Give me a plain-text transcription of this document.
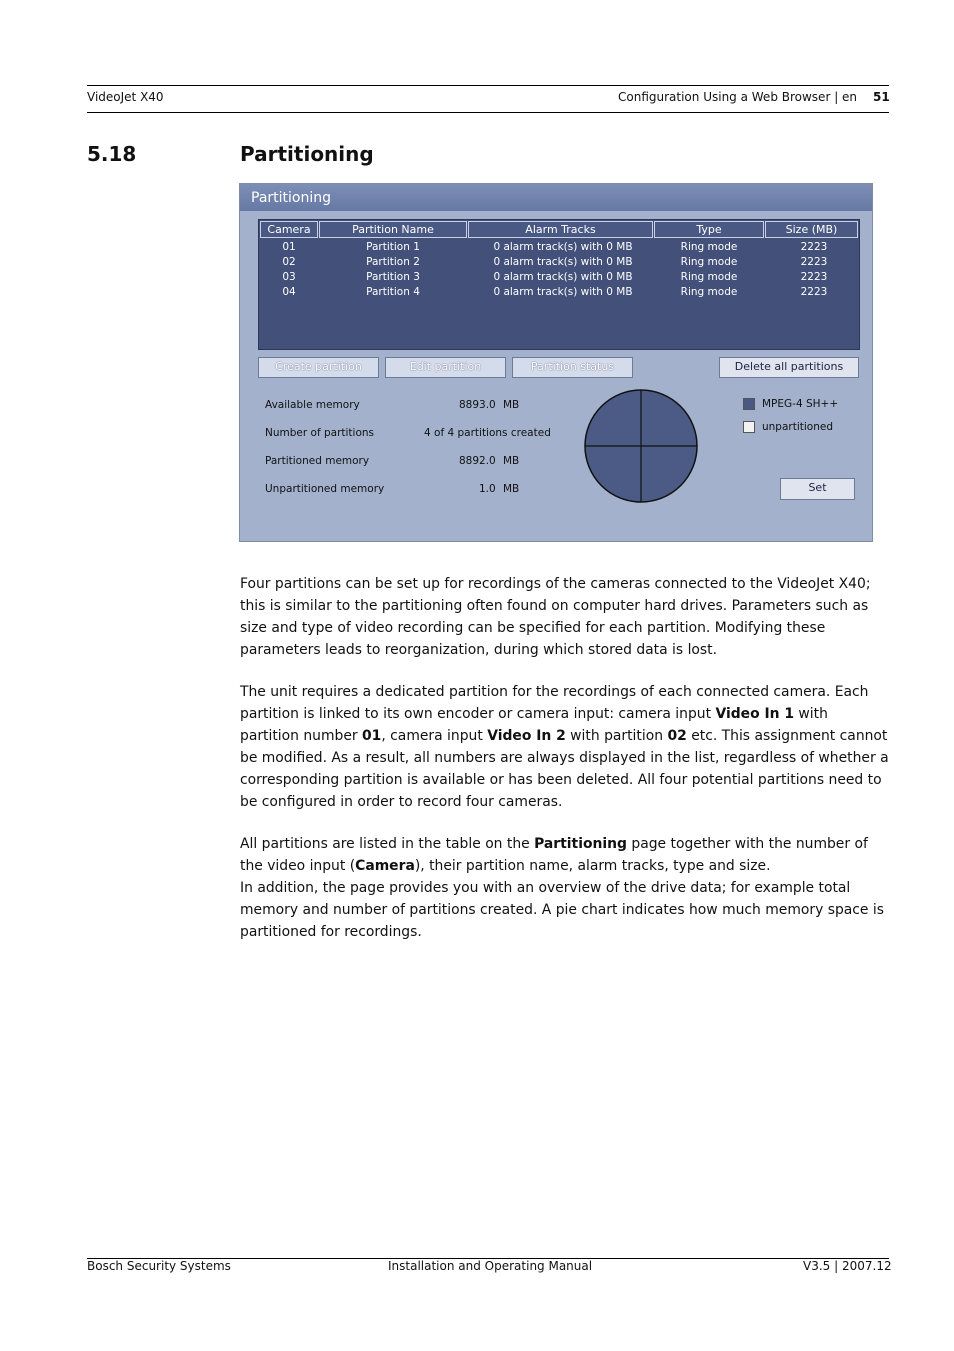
VideoJet X40	Configuration Using a Web Browser | en 51
5.18	Partitioning
Partitioning
Camera	Partition Name	Alarm Tracks	Type	Size (MB)
01	Partition 1	0 alarm track(s) with 0 MB	Ring mode	2223
02	Partition 2	0 alarm track(s) with 0 MB	Ring mode	2223
03	Partition 3	0 alarm track(s) with 0 MB	Ring mode	2223
04	Partition 4	0 alarm track(s) with 0 MB	Ring mode	2223
Create partition	Edit partition	Partition status	Delete all partitions
Available memory	8893.0 MB
Number of partitions	4 of 4 partitions created
Partitioned memory	8892.0 MB
Unpartitioned memory	1.0 MB
MPEG-4 SH++
unpartitioned
Set

Four partitions can be set up for recordings of the cameras connected to the VideoJet X40; this is similar to the partitioning often found on computer hard drives. Parameters such as size and type of video recording can be specified for each partition. Modifying these parameters leads to reorganization, during which stored data is lost.

The unit requires a dedicated partition for the recordings of each connected camera. Each partition is linked to its own encoder or camera input: camera input Video In 1 with partition number 01, camera input Video In 2 with partition 02 etc. This assignment cannot be modified. As a result, all numbers are always displayed in the list, regardless of whether a corresponding partition is available or has been deleted. All four potential partitions need to be configured in order to record four cameras.

All partitions are listed in the table on the Partitioning page together with the number of the video input (Camera), their partition name, alarm tracks, type and size.

In addition, the page provides you with an overview of the drive data; for example total memory and number of partitions created. A pie chart indicates how much memory space is partitioned for recordings.

Bosch Security Systems	Installation and Operating Manual	V3.5 | 2007.12
